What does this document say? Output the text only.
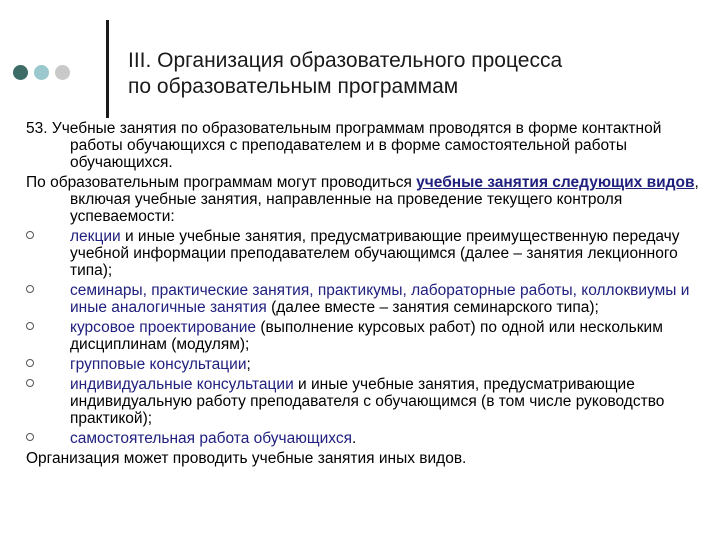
III. Организация образовательного процесса
по образовательным программам

53. Учебные занятия по образовательным программам проводятся в форме контактной работы обучающихся с преподавателем и в форме самостоятельной работы обучающихся.

По образовательным программам могут проводиться учебные занятия следующих видов, включая учебные занятия, направленные на проведение текущего контроля успеваемости:

лекции и иные учебные занятия, предусматривающие преимущественную передачу учебной информации преподавателем обучающимся (далее – занятия лекционного типа);
семинары, практические занятия, практикумы, лабораторные работы, коллоквиумы и иные аналогичные занятия (далее вместе – занятия семинарского типа);
курсовое проектирование (выполнение курсовых работ) по одной или нескольким дисциплинам (модулям);
групповые консультации;
индивидуальные консультации и иные учебные занятия, предусматривающие индивидуальную работу преподавателя с обучающимся (в том числе руководство практикой);
самостоятельная работа обучающихся.

Организация может проводить учебные занятия иных видов.
